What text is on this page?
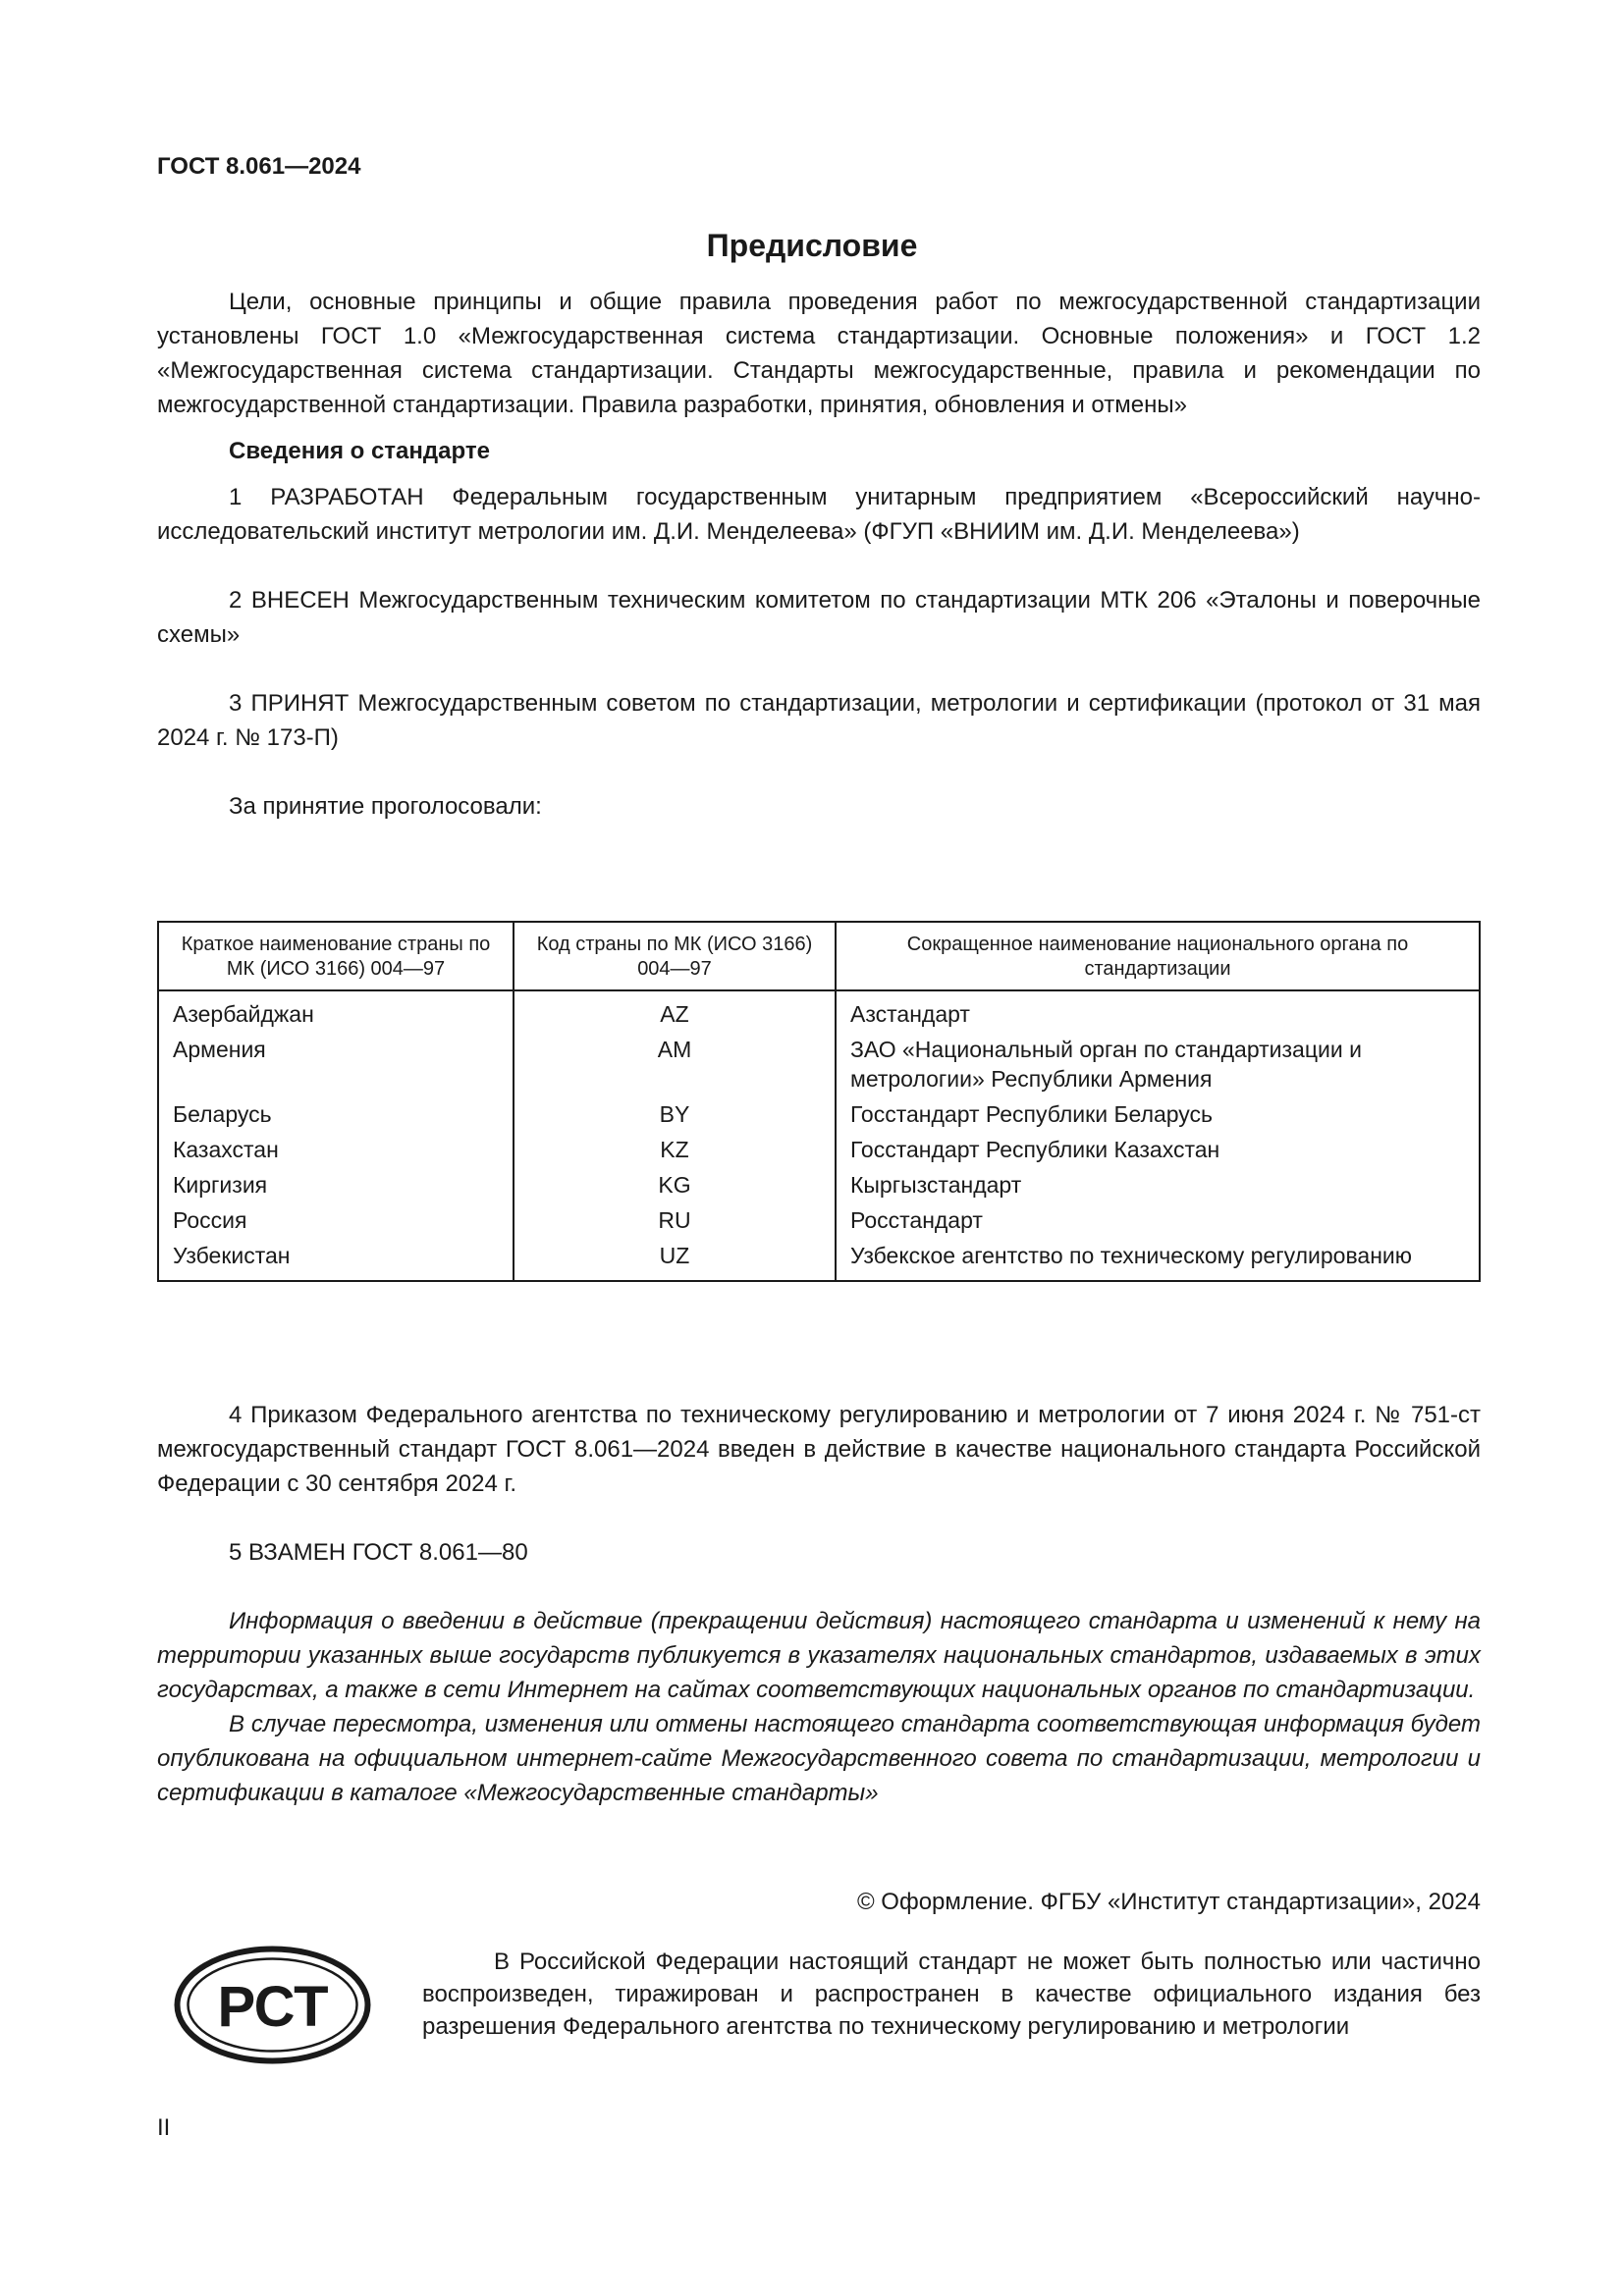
ГОСТ 8.061—2024
Предисловие

Цели, основные принципы и общие правила проведения работ по межгосударственной стандартизации установлены ГОСТ 1.0 «Межгосударственная система стандартизации. Основные положения» и ГОСТ 1.2 «Межгосударственная система стандартизации. Стандарты межгосударственные, правила и рекомендации по межгосударственной стандартизации. Правила разработки, принятия, обновления и отмены»

Сведения о стандарте

1 РАЗРАБОТАН Федеральным государственным унитарным предприятием «Всероссийский научно-исследовательский институт метрологии им. Д.И. Менделеева» (ФГУП «ВНИИМ им. Д.И. Менделеева»)

2 ВНЕСЕН Межгосударственным техническим комитетом по стандартизации МТК 206 «Эталоны и поверочные схемы»

3 ПРИНЯТ Межгосударственным советом по стандартизации, метрологии и сертификации (протокол от 31 мая 2024 г. № 173-П)

За принятие проголосовали:

Краткое наименование страны по МК (ИСО 3166) 004—97	Код страны по МК (ИСО 3166) 004—97	Сокращенное наименование национального органа по стандартизации
Азербайджан	AZ	Азстандарт
Армения	AM	ЗАО «Национальный орган по стандартизации и метрологии» Республики Армения
Беларусь	BY	Госстандарт Республики Беларусь
Казахстан	KZ	Госстандарт Республики Казахстан
Киргизия	KG	Кыргызстандарт
Россия	RU	Росстандарт
Узбекистан	UZ	Узбекское агентство по техническому регулированию

4 Приказом Федерального агентства по техническому регулированию и метрологии от 7 июня 2024 г. № 751-ст межгосударственный стандарт ГОСТ 8.061—2024 введен в действие в качестве национального стандарта Российской Федерации с 30 сентября 2024 г.

5 ВЗАМЕН ГОСТ 8.061—80

Информация о введении в действие (прекращении действия) настоящего стандарта и изменений к нему на территории указанных выше государств публикуется в указателях национальных стандартов, издаваемых в этих государствах, а также в сети Интернет на сайтах соответствующих национальных органов по стандартизации.

В случае пересмотра, изменения или отмены настоящего стандарта соответствующая информация будет опубликована на официальном интернет-сайте Межгосударственного совета по стандартизации, метрологии и сертификации в каталоге «Межгосударственные стандарты»

© Оформление. ФГБУ «Институт стандартизации», 2024
РСТ

В Российской Федерации настоящий стандарт не может быть полностью или частично воспроизведен, тиражирован и распространен в качестве официального издания без разрешения Федерального агентства по техническому регулированию и метрологии

II
